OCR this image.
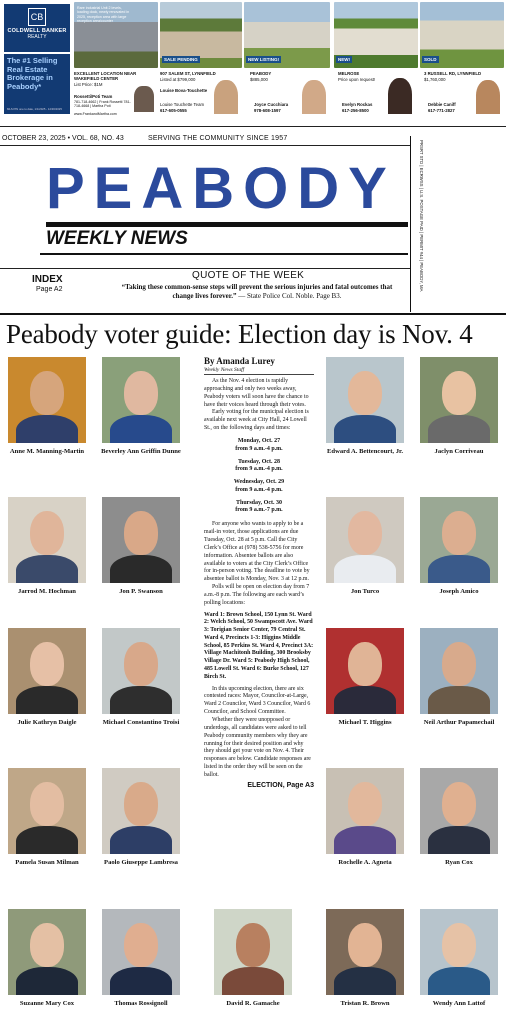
CB
COLDWELL BANKER
REALTY
The #1 Selling Real Estate Brokerage in Peabody*
MLS PIN one to date, 1/1/2025 - 12/30/2025
Rare industrial Unit 2 levels, loading dock, newly renovated in 2025, reception area with large reception area/counter
EXCELLENT LOCATION NEAR WAKEFIELD CENTER
List Price: $1M
Rossetti/Poti Team
781-718-4662 | Frank Rossetti 781-718-4668 | Martha Poti
www.FrankandMartha.com
SALE PENDING
907 SALEM ST, LYNNFIELD
Listed at $799,000
Louise Bova-Touchette
Louise Touchette Team
617-605-0555
NEW LISTING!
PEABODY
$885,000
Joyce Cucchiara
978-608-1597
NEW!
MELROSE
Price upon request!
Evelyn Rockas
617-256-8500
SOLD
3 RUSSELL RD, LYNNFIELD
$1,760,000
Debbie Caniff
617-771-2827
OCTOBER 23, 2025 • VOL. 68, NO. 43	SERVING THE COMMUNITY SINCE 1957
PEABODY
WEEKLY NEWS	PRSRT STD | ECRWSS | U.S. POSTAGE PAID | PERMIT #44 | PEABODY, MA
INDEX
Page A2
QUOTE OF THE WEEK
“Taking these common-sense steps will prevent the serious injuries and fatal outcomes that change lives forever.” — State Police Col. Noble. Page B3.
Peabody voter guide: Election day is Nov. 4
By Amanda Lurey
Weekly News Staff

As the Nov. 4 election is rapidly approaching and only two weeks away, Peabody voters will soon have the chance to have their voices heard through their votes.

Early voting for the municipal election is available next week at City Hall, 24 Lowell St., on the following days and times:

Monday, Oct. 27
from 9 a.m.-4 p.m.

Tuesday, Oct. 28
from 9 a.m.-4 p.m.

Wednesday, Oct. 29
from 9 a.m.-4 p.m.

Thursday, Oct. 30
from 9 a.m.-7 p.m.

For anyone who wants to apply to be a mail-in voter, those applications are due Tuesday, Oct. 28 at 5 p.m. Call the City Clerk’s Office at (978) 538-5756 for more information. Absentee ballots are also available to voters at the City Clerk’s Office for in-person voting. The deadline to vote by absentee ballot is Monday, Nov. 3 at 12 p.m.

Polls will be open on election day from 7 a.m.-8 p.m. The following are each ward’s polling locations:

Ward 1: Brown School, 150 Lynn St. Ward 2: Welch School, 50 Swampscott Ave. Ward 3: Torigian Senior Center, 79 Central St. Ward 4, Precincts 1-3: Higgins Middle School, 85 Perkins St. Ward 4, Precinct 3A: Village Machitonh Building, 300 Brooksby Village Dr. Ward 5: Peabody High School, 485 Lowell St. Ward 6: Burke School, 127 Birch St.

In this upcoming election, there are six contested races: Mayor, Councilor-at-Large, Ward 2 Councilor, Ward 3 Councilor, Ward 6 Councilor, and School Committee.

Whether they were unopposed or underdogs, all candidates were asked to tell Peabody community members why they are running for their desired position and why they should get your vote on Nov. 4. Their responses are below. Candidate responses are listed in the order they will be seen on the ballot.

ELECTION, Page A3
Anne M. Manning-Martin	Beverley Ann Griffin Dunne	Edward A. Bettencourt, Jr.	Jaclyn Corriveau
Jarrod M. Hochman	Jon P. Swanson	Jon Turco	Joseph Amico
Julie Kathryn Daigle	Michael Constantino Troisi	Michael T. Higgins	Neil Arthur Papamechail
Pamela Susan Milman	Paolo Giuseppe Lambresa	Rochelle A. Agneta	Ryan Cox
Suzanne Mary Cox	Thomas Rossignoll	David R. Gamache	Tristan R. Brown	Wendy Ann Lattof
